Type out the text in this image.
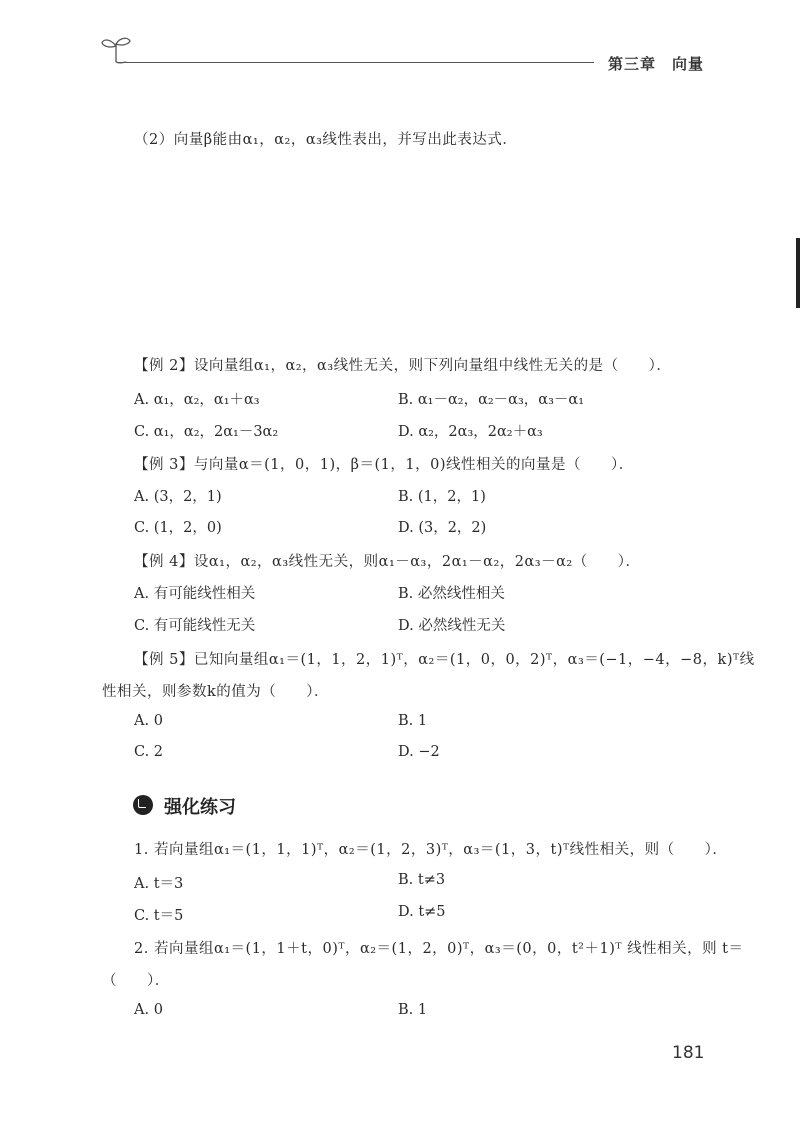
第三章 向量
（2）向量β能由α₁，α₂，α₃线性表出，并写出此表达式．
【例 2】设向量组α₁，α₂，α₃线性无关，则下列向量组中线性无关的是（　　）．
A. α₁，α₂，α₁＋α₃	B. α₁－α₂，α₂－α₃，α₃－α₁
C. α₁，α₂，2α₁－3α₂	D. α₂，2α₃，2α₂＋α₃
【例 3】与向量α＝(1，0，1)，β＝(1，1，0)线性相关的向量是（　　）．
A. (3，2，1)	B. (1，2，1)
C. (1，2，0)	D. (3，2，2)
【例 4】设α₁，α₂，α₃线性无关，则α₁－α₃，2α₁－α₂，2α₃－α₂（　　）．
A. 有可能线性相关	B. 必然线性相关
C. 有可能线性无关	D. 必然线性无关
【例 5】已知向量组α₁＝(1，1，2，1)ᵀ，α₂＝(1，0，0，2)ᵀ，α₃＝(−1，−4，−8，k)ᵀ线
性相关，则参数k的值为（　　）．
A. 0	B. 1
C. 2	D. −2
强化练习
1. 若向量组α₁＝(1，1，1)ᵀ，α₂＝(1，2，3)ᵀ，α₃＝(1，3，t)ᵀ线性相关，则（　　）．
A. t＝3	B. t≠3
C. t＝5	D. t≠5
2. 若向量组α₁＝(1，1＋t，0)ᵀ，α₂＝(1，2，0)ᵀ，α₃＝(0，0，t²＋1)ᵀ 线性相关，则 t＝
（　　）．
A. 0	B. 1
181
